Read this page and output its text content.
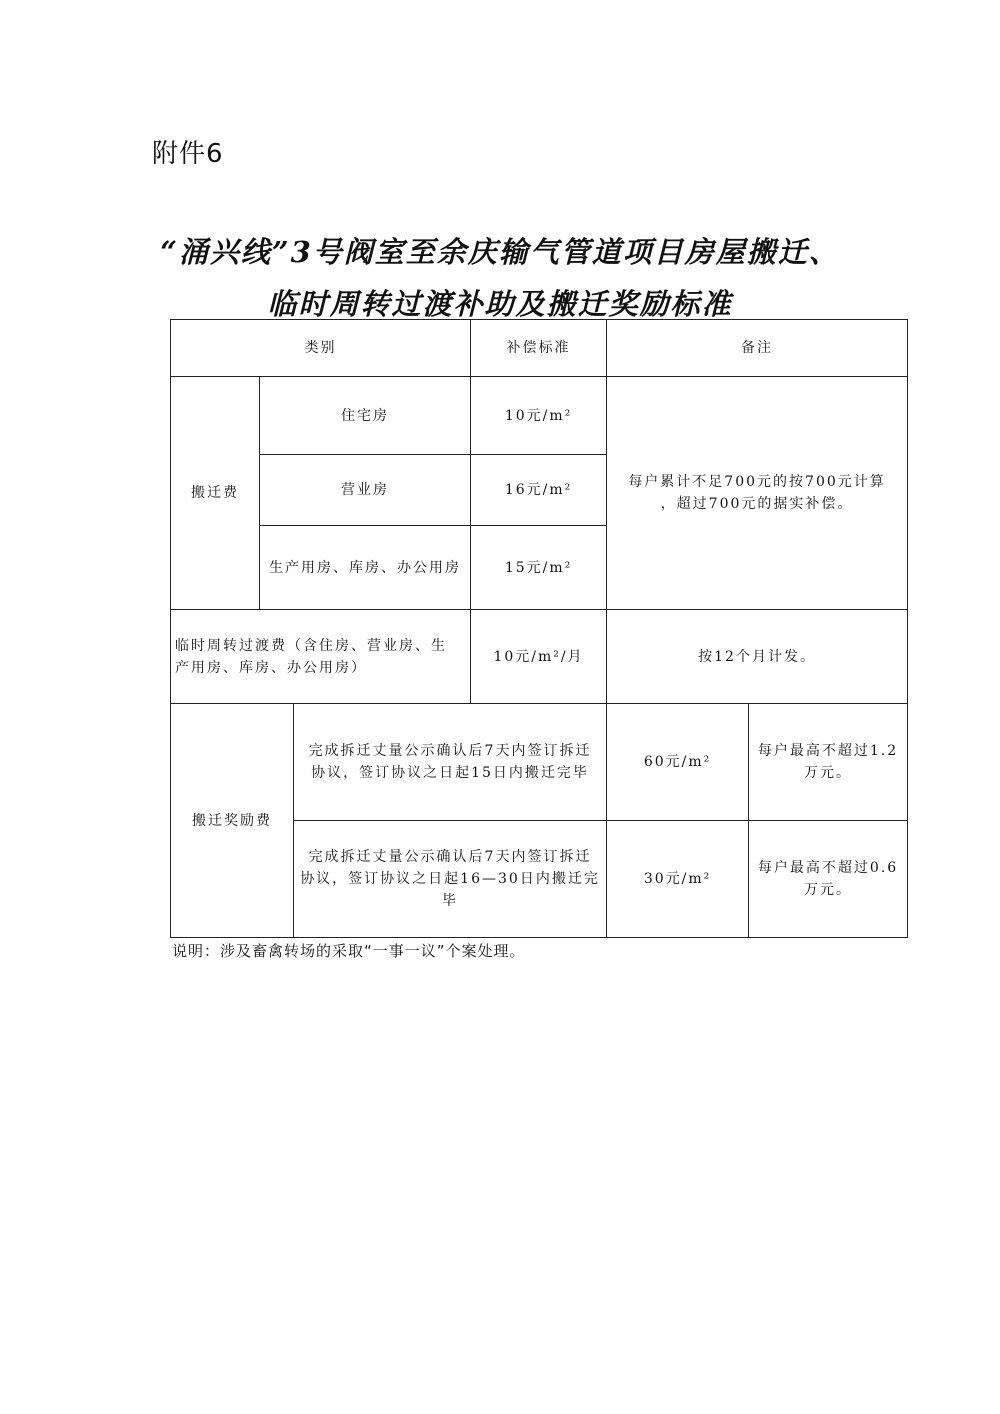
附件6
“涌兴线”3号阀室至余庆输气管道项目房屋搬迁、
临时周转过渡补助及搬迁奖励标准
类别			补偿标准	备注	
搬迁费	住宅房		10元/m²	每户累计不足700元的按700元计算
，超过700元的据实补偿。	
	营业房		16元/m²		
	生产用房、库房、办公用房		15元/m²		
临时周转过渡费（含住房、营业房、生
产用房、库房、办公用房）			10元/m²/月	按12个月计发。	
搬迁奖励费		完成拆迁丈量公示确认后7天内签订拆迁
协议，签订协议之日起15日内搬迁完毕		60元/m²	每户最高不超过1.2
万元。
		完成拆迁丈量公示确认后7天内签订拆迁
协议，签订协议之日起16—30日内搬迁完
毕		30元/m²	每户最高不超过0.6
万元。
说明：涉及畜禽转场的采取“一事一议”个案处理。
